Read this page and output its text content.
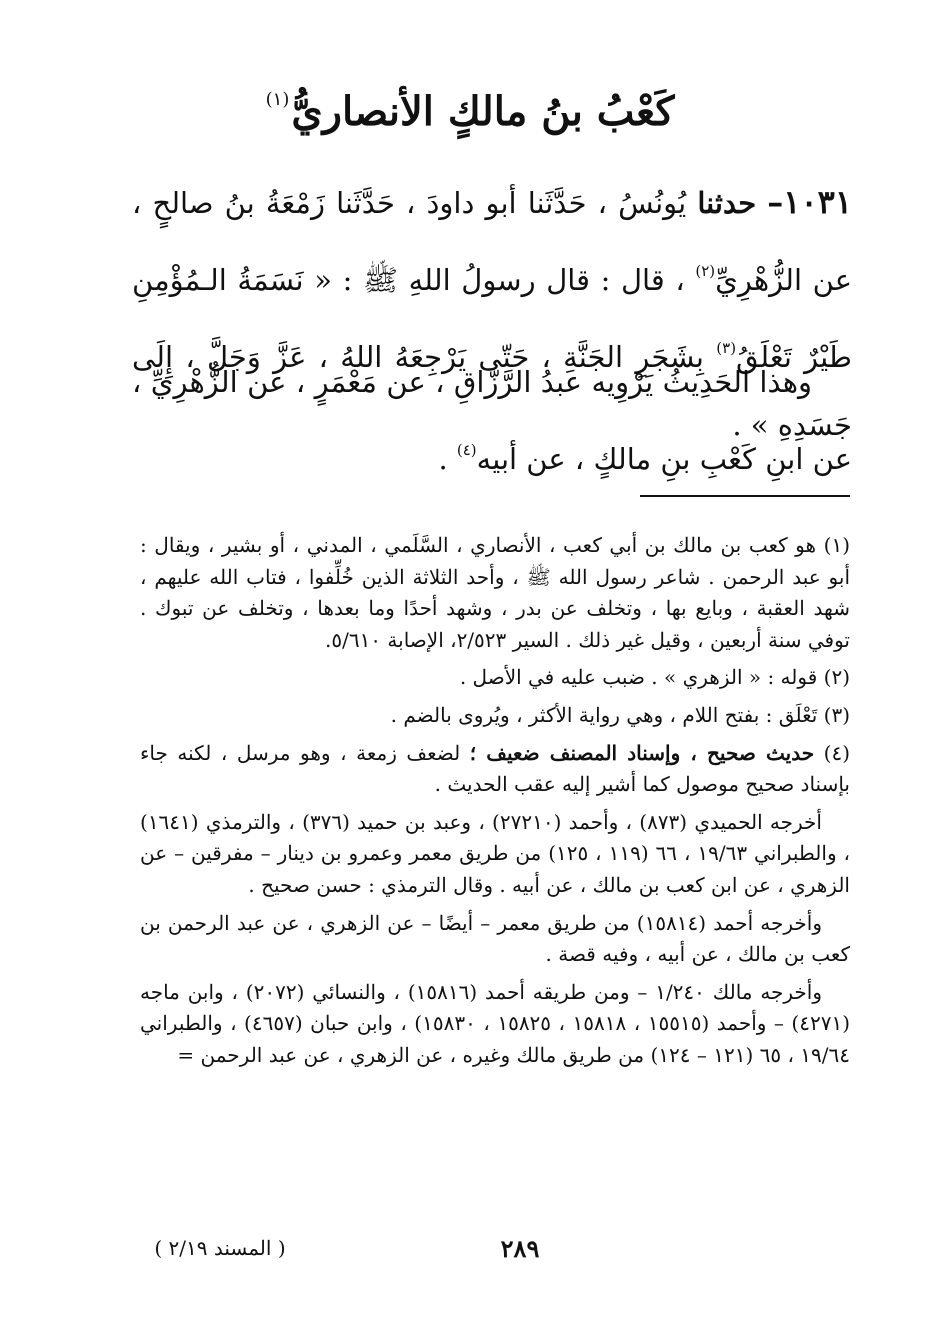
كَعْبُ بنُ مالكٍ الأنصاريُّ$^{(١)}$
١٠٣١– حدثنا يُونُسُ ، حَدَّثَنا أبو داودَ ، حَدَّثَنا زَمْعَةُ بنُ صالحٍ ، عن الزُّهْرِيِّ$^{(٢)}$ ، قال : قال رسولُ اللهِ ﷺ : « نَسَمَةُ الـمُؤْمِنِ طَيْرٌ تَعْلَقُ$^{(٣)}$ بِشَجَرِ الجَنَّةِ ، حَتّى يَرْجِعَهُ اللهُ ، عَزَّ وَجَلَّ ، إِلَى جَسَدِهِ » .

وهذا الحَدِيثُ يَرْوِيه عبدُ الرَّزّاقِ ، عن مَعْمَرٍ ، عن الزُّهْرِيِّ ، عن ابنِ كَعْبِ بنِ مالكٍ ، عن أبيه$^{(٤)}$ .

(١) هو كعب بن مالك بن أبي كعب ، الأنصاري ، السَّلَمي ، المدني ، أو بشير ، ويقال : أبو عبد الرحمن . شاعر رسول الله ﷺ ، وأحد الثلاثة الذين خُلِّفوا ، فتاب الله عليهم ، شهد العقبة ، وبايع بها ، وتخلف عن بدر ، وشهد أحدًا وما بعدها ، وتخلف عن تبوك . توفي سنة أربعين ، وقيل غير ذلك . السير ٢/٥٢٣، الإصابة ٥/٦١٠.

(٢) قوله : « الزهري » . ضبب عليه في الأصل .

(٣) تَعْلَق : بفتح اللام ، وهي رواية الأكثر ، ويُروى بالضم .

(٤) حديث صحيح ، وإسناد المصنف ضعيف ؛ لضعف زمعة ، وهو مرسل ، لكنه جاء بإسناد صحيح موصول كما أشير إليه عقب الحديث .

أخرجه الحميدي (٨٧٣) ، وأحمد (٢٧٢١٠) ، وعبد بن حميد (٣٧٦) ، والترمذي (١٦٤١) ، والطبراني ١٩/٦٣ ، ٦٦ (١١٩ ، ١٢٥) من طريق معمر وعمرو بن دينار – مفرقين – عن الزهري ، عن ابن كعب بن مالك ، عن أبيه . وقال الترمذي : حسن صحيح .

وأخرجه أحمد (١٥٨١٤) من طريق معمر – أيضًا – عن الزهري ، عن عبد الرحمن بن كعب بن مالك ، عن أبيه ، وفيه قصة .

وأخرجه مالك ١/٢٤٠ – ومن طريقه أحمد (١٥٨١٦) ، والنسائي (٢٠٧٢) ، وابن ماجه (٤٢٧١) – وأحمد (١٥٥١٥ ، ١٥٨١٨ ، ١٥٨٢٥ ، ١٥٨٣٠) ، وابن حبان (٤٦٥٧) ، والطبراني ١٩/٦٤ ، ٦٥ (١٢١ – ١٢٤) من طريق مالك وغيره ، عن الزهري ، عن عبد الرحمن =

٢٨٩
( المسند ٢/١٩ )
